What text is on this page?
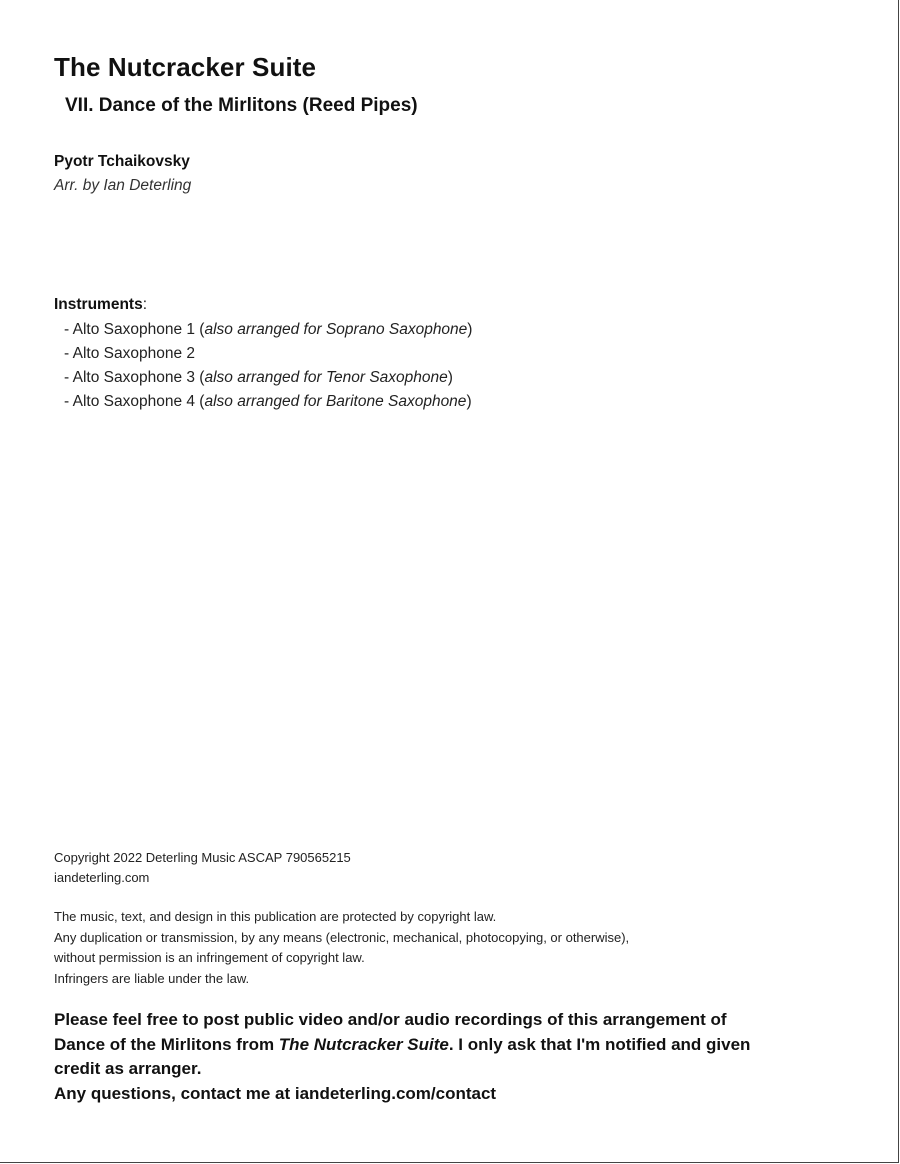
The Nutcracker Suite
VII. Dance of the Mirlitons (Reed Pipes)
Pyotr Tchaikovsky
Arr. by Ian Deterling
Instruments:
- Alto Saxophone 1 (also arranged for Soprano Saxophone)
- Alto Saxophone 2
- Alto Saxophone 3 (also arranged for Tenor Saxophone)
- Alto Saxophone 4 (also arranged for Baritone Saxophone)
Copyright 2022 Deterling Music ASCAP 790565215
iandeterling.com
The music, text, and design in this publication are protected by copyright law.
Any duplication or transmission, by any means (electronic, mechanical, photocopying, or otherwise),
without permission is an infringement of copyright law.
Infringers are liable under the law.
Please feel free to post public video and/or audio recordings of this arrangement of Dance of the Mirlitons from The Nutcracker Suite. I only ask that I'm notified and given credit as arranger.
Any questions, contact me at iandeterling.com/contact
